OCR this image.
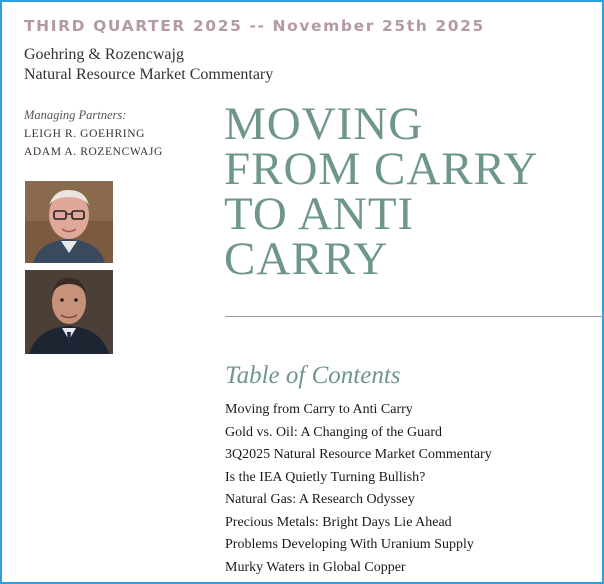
THIRD QUARTER 2025 -- November 25th 2025
Goehring & Rozencwajg
Natural Resource Market Commentary
Managing Partners:
LEIGH R. GOEHRING
ADAM A. ROZENCWAJG
MOVING
FROM CARRY
TO ANTI
CARRY
Table of Contents
Moving from Carry to Anti Carry
Gold vs. Oil: A Changing of the Guard
3Q2025 Natural Resource Market Commentary
Is the IEA Quietly Turning Bullish?
Natural Gas: A Research Odyssey
Precious Metals: Bright Days Lie Ahead
Problems Developing With Uranium Supply
Murky Waters in Global Copper
